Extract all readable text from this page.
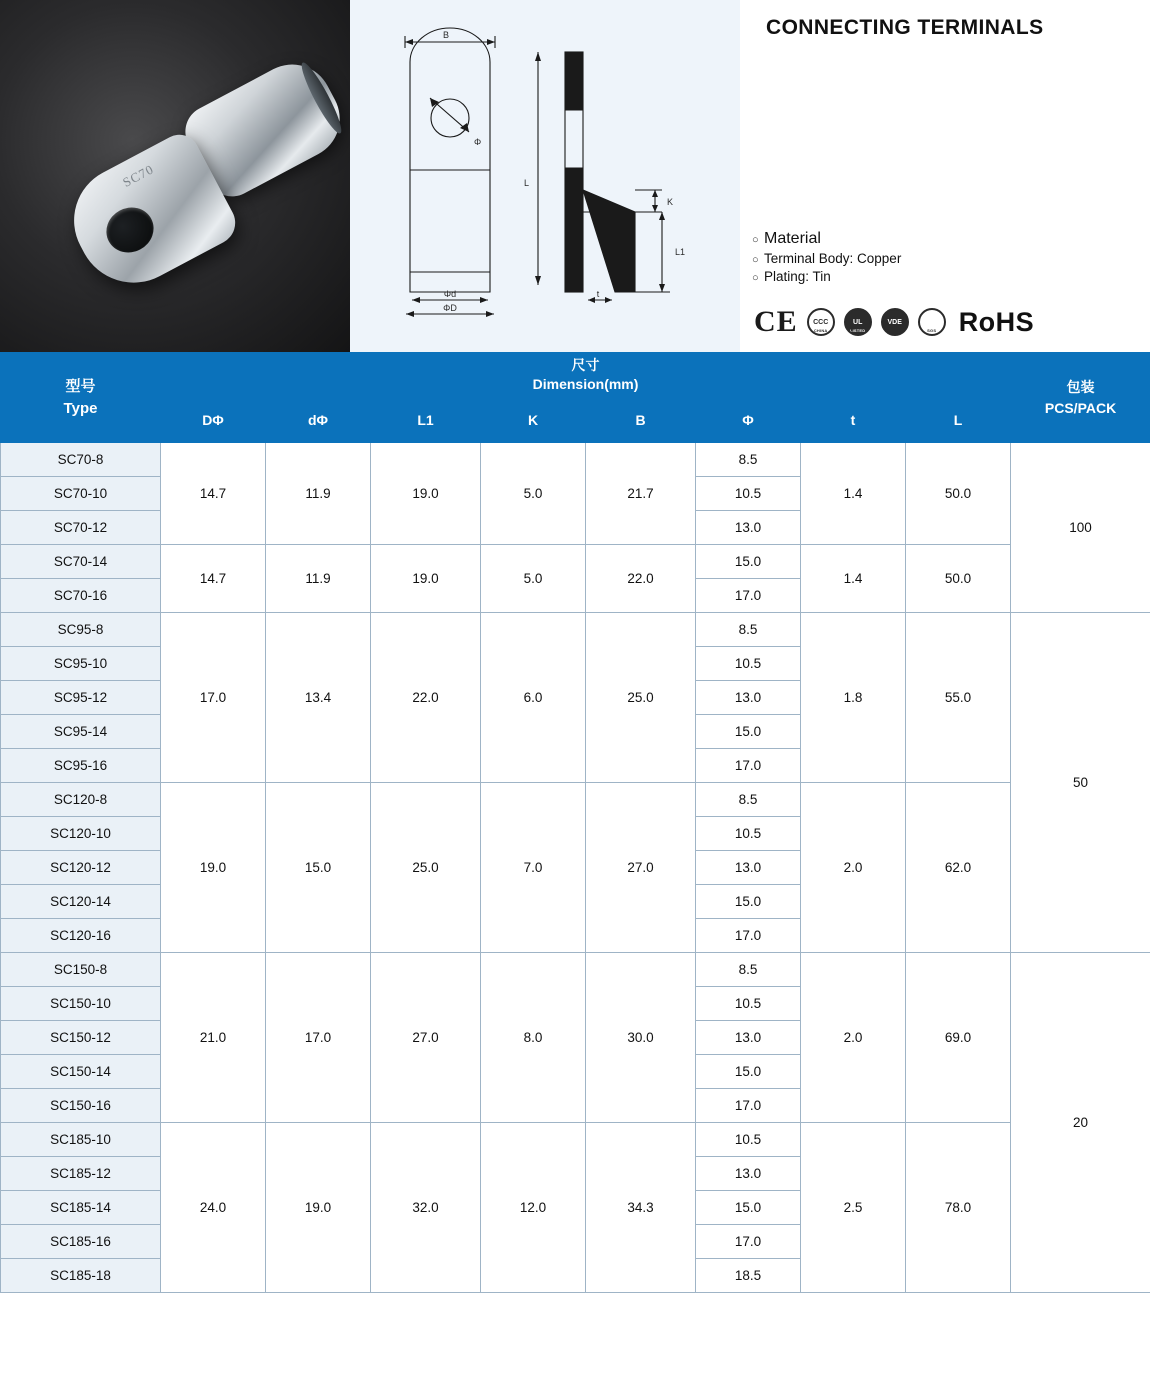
SC70
B
Φ
L
K
L1
t
Φd
ΦD
CONNECTING TERMINALS
○ Material
○ Terminal Body: Copper
○ Plating: Tin
CE CCC
CHINA
UL
LISTED
VDE
SGS RoHS
型号
Type

尺寸
Dimension(mm)	包装
PCS/PACK

	DΦ	dΦ	L1	K	B	Φ	t	L	
SC70-8	14.7	11.9	19.0	5.0	21.7	8.5	1.4	50.0	100
SC70-10						10.5			
SC70-12						13.0			
SC70-14	14.7	11.9	19.0	5.0	22.0	15.0	1.4	50.0	
SC70-16						17.0			
SC95-8	17.0	13.4	22.0	6.0	25.0	8.5	1.8	55.0	50
SC95-10						10.5			
SC95-12						13.0			
SC95-14						15.0			
SC95-16						17.0			
SC120-8	19.0	15.0	25.0	7.0	27.0	8.5	2.0	62.0	
SC120-10						10.5			
SC120-12						13.0			
SC120-14						15.0			
SC120-16						17.0			
SC150-8	21.0	17.0	27.0	8.0	30.0	8.5	2.0	69.0	20
SC150-10						10.5			
SC150-12						13.0			
SC150-14						15.0			
SC150-16						17.0			
SC185-10	24.0	19.0	32.0	12.0	34.3	10.5	2.5	78.0	
SC185-12						13.0			
SC185-14						15.0			
SC185-16						17.0			
SC185-18						18.5			
